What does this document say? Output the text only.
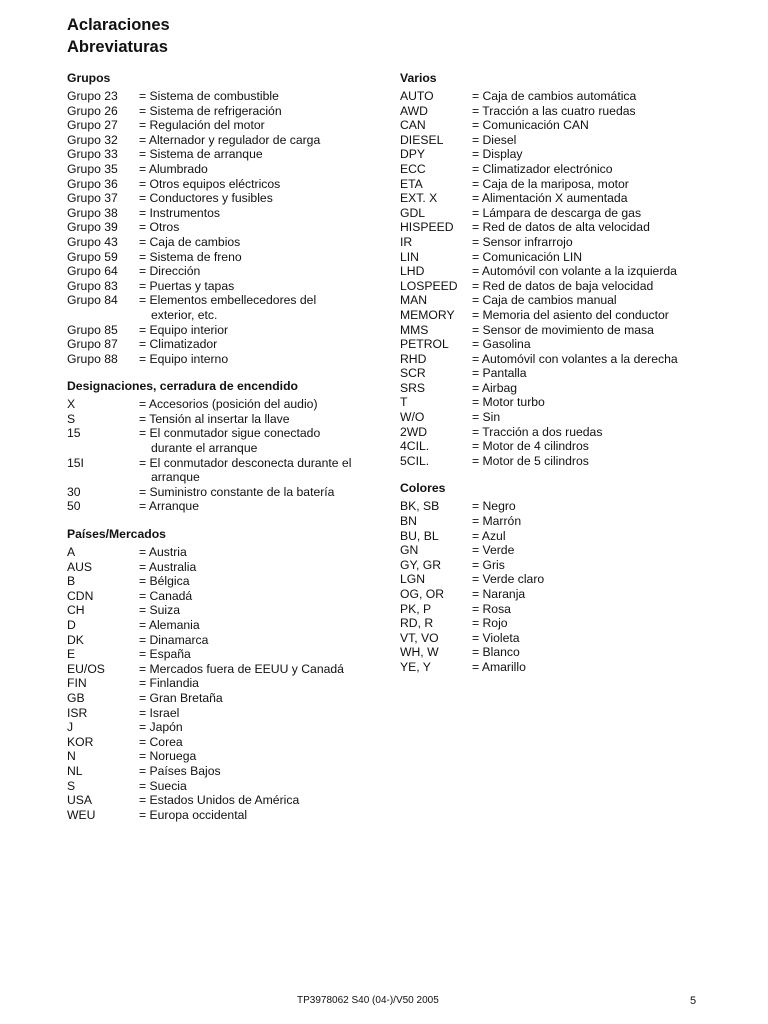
Aclaraciones
Abreviaturas
Grupos
Grupo 23	= Sistema de combustible
Grupo 26	= Sistema de refrigeración
Grupo 27	= Regulación del motor
Grupo 32	= Alternador y regulador de carga
Grupo 33	= Sistema de arranque
Grupo 35	= Alumbrado
Grupo 36	= Otros equipos eléctricos
Grupo 37	= Conductores y fusibles
Grupo 38	= Instrumentos
Grupo 39	= Otros
Grupo 43	= Caja de cambios
Grupo 59	= Sistema de freno
Grupo 64	= Dirección
Grupo 83	= Puertas y tapas
Grupo 84	= Elementos embellecedores del
exterior, etc.
Grupo 85	= Equipo interior
Grupo 87	= Climatizador
Grupo 88	= Equipo interno
Designaciones, cerradura de encendido
X	= Accesorios (posición del audio)
S	= Tensión al insertar la llave
15	= El conmutador sigue conectado
durante el arranque
15I	= El conmutador desconecta durante el
arranque
30	= Suministro constante de la batería
50	= Arranque
Países/Mercados
A	= Austria
AUS	= Australia
B	= Bélgica
CDN	= Canadá
CH	= Suiza
D	= Alemania
DK	= Dinamarca
E	= España
EU/OS	= Mercados fuera de EEUU y Canadá
FIN	= Finlandia
GB	= Gran Bretaña
ISR	= Israel
J	= Japón
KOR	= Corea
N	= Noruega
NL	= Países Bajos
S	= Suecia
USA	= Estados Unidos de América
WEU	= Europa occidental
Varios
AUTO	= Caja de cambios automática
AWD	= Tracción a las cuatro ruedas
CAN	= Comunicación CAN
DIESEL	= Diesel
DPY	= Display
ECC	= Climatizador electrónico
ETA	= Caja de la mariposa, motor
EXT. X	= Alimentación X aumentada
GDL	= Lámpara de descarga de gas
HISPEED	= Red de datos de alta velocidad
IR	= Sensor infrarrojo
LIN	= Comunicación LIN
LHD	= Automóvil con volante a la izquierda
LOSPEED	= Red de datos de baja velocidad
MAN	= Caja de cambios manual
MEMORY	= Memoria del asiento del conductor
MMS	= Sensor de movimiento de masa
PETROL	= Gasolina
RHD	= Automóvil con volantes a la derecha
SCR	= Pantalla
SRS	= Airbag
T	= Motor turbo
W/O	= Sin
2WD	= Tracción a dos ruedas
4CIL.	= Motor de 4 cilindros
5CIL.	= Motor de 5 cilindros
Colores
BK, SB	= Negro
BN	= Marrón
BU, BL	= Azul
GN	= Verde
GY, GR	= Gris
LGN	= Verde claro
OG, OR	= Naranja
PK, P	= Rosa
RD, R	= Rojo
VT, VO	= Violeta
WH, W	= Blanco
YE, Y	= Amarillo
TP3978062 S40 (04-)/V50 2005	5
